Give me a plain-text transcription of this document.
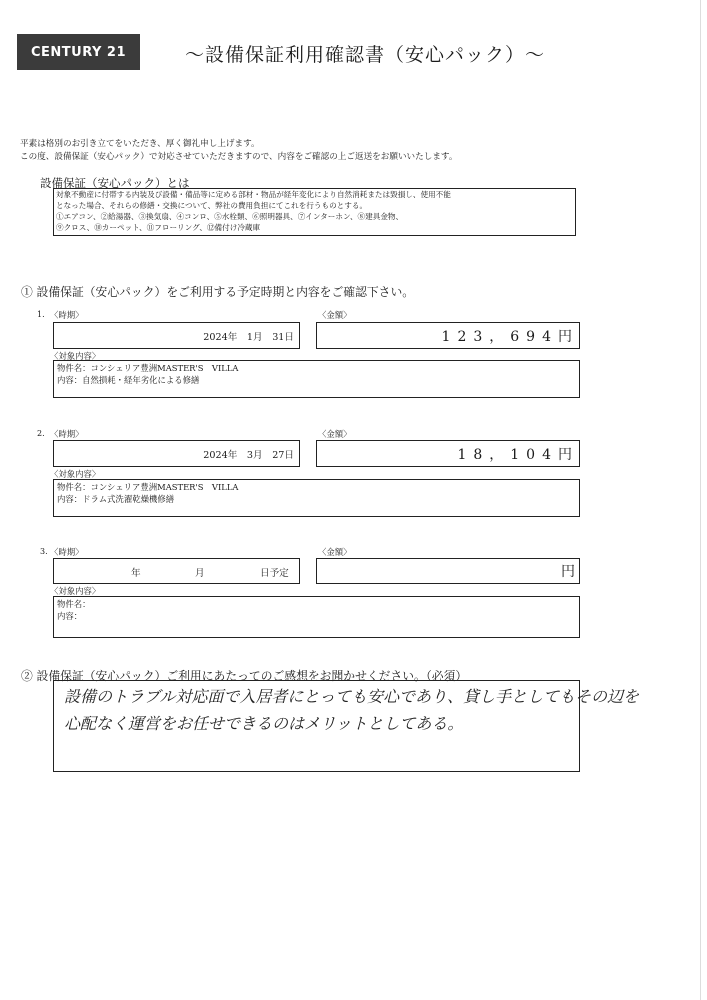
CENTURY 21	～設備保証利用確認書（安心パック）～
平素は格別のお引き立てをいただき、厚く御礼申し上げます。
この度、設備保証（安心パック）で対応させていただきますので、内容をご確認の上ご返送をお願いいたします。
設備保証（安心パック）とは
対象不動産に付帯する内装及び設備・備品等に定める部材・物品が経年変化により自然消耗または毀損し、使用不能
となった場合、それらの修繕・交換について、弊社の費用負担にてこれを行うものとする。
①エアコン、②給湯器、③換気扇、④コンロ、⑤水栓類、⑥照明器具、⑦インターホン、⑧建具金物、
⑨クロス、⑩カーペット、⑪フローリング、⑫備付け冷蔵庫
① 設備保証（安心パック）をご利用する予定時期と内容をご確認下さい。
1. 〈時期〉	〈金額〉
2024年　1月　31日	123，694円
〈対象内容〉
物件名：コンシェリア豊洲MASTER'S　VILLA
内容：自然損耗・経年劣化による修繕
2. 〈時期〉	〈金額〉
2024年　3月　27日	18，104円
〈対象内容〉
物件名：コンシェリア豊洲MASTER'S　VILLA
内容：ドラム式洗濯乾燥機修繕
3. 〈時期〉	〈金額〉
年	月	日予定	円
〈対象内容〉
物件名：
内容：
② 設備保証（安心パック）ご利用にあたってのご感想をお聞かせください。（必須）
設備のトラブル対応面で入居者にとっても安心であり、貸し手としてもその辺を
心配なく運営をお任せできるのはメリットとしてある。
